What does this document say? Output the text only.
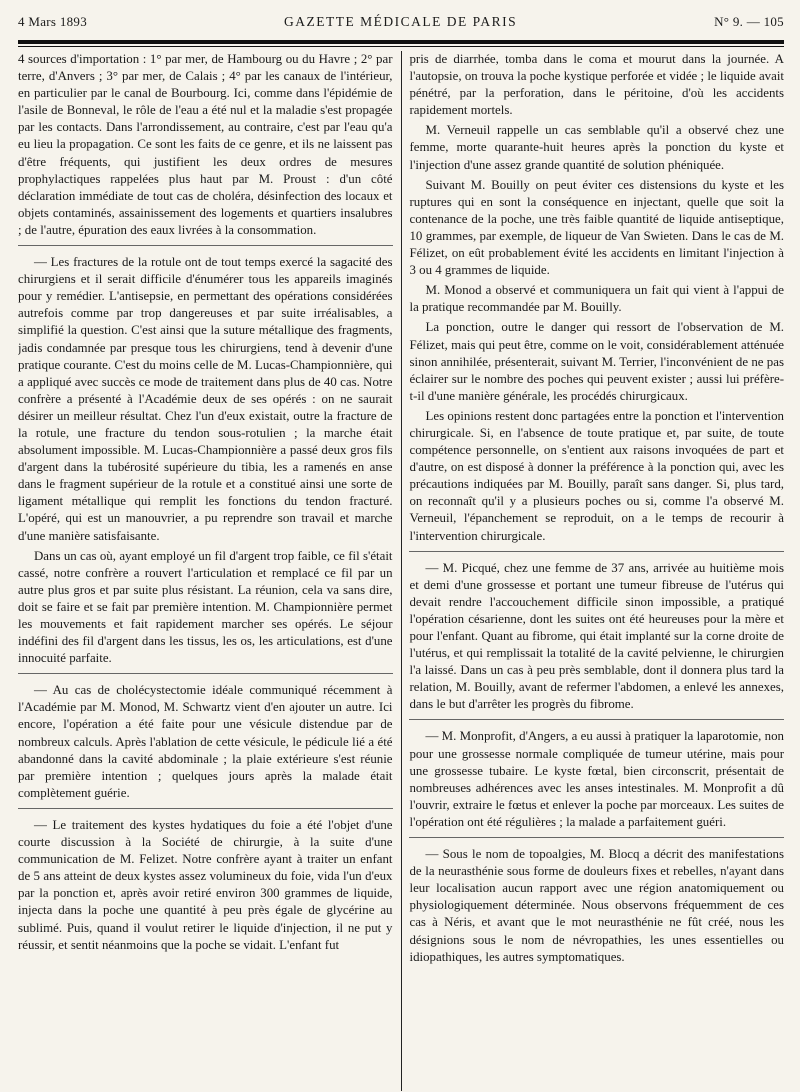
4 Mars 1893	GAZETTE MÉDICALE DE PARIS	N° 9. — 105

4 sources d'importation : 1° par mer, de Hambourg ou du Havre ; 2° par terre, d'Anvers ; 3° par mer, de Calais ; 4° par les canaux de l'intérieur, en particulier par le canal de Bourbourg. Ici, comme dans l'épidémie de l'asile de Bonneval, le rôle de l'eau a été nul et la maladie s'est propagée par les contacts. Dans l'arrondissement, au contraire, c'est par l'eau qu'a eu lieu la propagation. Ce sont les faits de ce genre, et ils ne laissent pas d'être fréquents, qui justifient les deux ordres de mesures prophylactiques rappelées plus haut par M. Proust : d'un côté déclaration immédiate de tout cas de choléra, désinfection des locaux et objets contaminés, assainissement des logements et quartiers insalubres ; de l'autre, épuration des eaux livrées à la consommation.

— Les fractures de la rotule ont de tout temps exercé la sagacité des chirurgiens et il serait difficile d'énumérer tous les appareils imaginés pour y remédier. L'antisepsie, en permettant des opérations considérées autrefois comme par trop dangereuses et par suite irréalisables, a simplifié la question. C'est ainsi que la suture métallique des fragments, jadis condamnée par presque tous les chirurgiens, tend à devenir d'une pratique courante. C'est du moins celle de M. Lucas-Championnière, qui a appliqué avec succès ce mode de traitement dans plus de 40 cas. Notre confrère a présenté à l'Académie deux de ses opérés : on ne saurait désirer un meilleur résultat. Chez l'un d'eux existait, outre la fracture de la rotule, une fracture du tendon sous-rotulien ; la marche était absolument impossible. M. Lucas-Championnière a passé deux gros fils d'argent dans la tubérosité supérieure du tibia, les a ramenés en anse dans le fragment supérieur de la rotule et a constitué ainsi une sorte de ligament métallique qui remplit les fonctions du tendon fracturé. L'opéré, qui est un manouvrier, a pu reprendre son travail et marche d'une manière satisfaisante.

Dans un cas où, ayant employé un fil d'argent trop faible, ce fil s'était cassé, notre confrère a rouvert l'articulation et remplacé ce fil par un autre plus gros et par suite plus résistant. La réunion, cela va sans dire, doit se faire et se fait par première intention. M. Championnière permet les mouvements et fait rapidement marcher ses opérés. Le séjour indéfini des fil d'argent dans les tissus, les os, les articulations, est d'une innocuité parfaite.

— Au cas de cholécystectomie idéale communiqué récemment à l'Académie par M. Monod, M. Schwartz vient d'en ajouter un autre. Ici encore, l'opération a été faite pour une vésicule distendue par de nombreux calculs. Après l'ablation de cette vésicule, le pédicule lié a été abandonné dans la cavité abdominale ; la plaie extérieure s'est réunie par première intention ; quelques jours après la malade était complètement guérie.

— Le traitement des kystes hydatiques du foie a été l'objet d'une courte discussion à la Société de chirurgie, à la suite d'une communication de M. Felizet. Notre confrère ayant à traiter un enfant de 5 ans atteint de deux kystes assez volumineux du foie, vida l'un d'eux par la ponction et, après avoir retiré environ 300 grammes de liquide, injecta dans la poche une quantité à peu près égale de glycérine au sublimé. Puis, quand il voulut retirer le liquide d'injection, il ne put y réussir, et sentit néanmoins que la poche se vidait. L'enfant fut

pris de diarrhée, tomba dans le coma et mourut dans la journée. A l'autopsie, on trouva la poche kystique perforée et vidée ; le liquide avait pénétré, par la perforation, dans le péritoine, d'où les accidents rapidement mortels.

M. Verneuil rappelle un cas semblable qu'il a observé chez une femme, morte quarante-huit heures après la ponction du kyste et l'injection d'une assez grande quantité de solution phéniquée.

Suivant M. Bouilly on peut éviter ces distensions du kyste et les ruptures qui en sont la conséquence en injectant, quelle que soit la contenance de la poche, une très faible quantité de liquide antiseptique, 10 grammes, par exemple, de liqueur de Van Swieten. Dans le cas de M. Félizet, on eût probablement évité les accidents en limitant l'injection à 3 ou 4 grammes de liquide.

M. Monod a observé et communiquera un fait qui vient à l'appui de la pratique recommandée par M. Bouilly.

La ponction, outre le danger qui ressort de l'observation de M. Félizet, mais qui peut être, comme on le voit, considérablement atténuée sinon annihilée, présenterait, suivant M. Terrier, l'inconvénient de ne pas éclairer sur le nombre des poches qui peuvent exister ; aussi lui préfère-t-il d'une manière générale, les procédés chirurgicaux.

Les opinions restent donc partagées entre la ponction et l'intervention chirurgicale. Si, en l'absence de toute pratique et, par suite, de toute compétence personnelle, on s'entient aux raisons invoquées de part et d'autre, on est disposé à donner la préférence à la ponction qui, avec les précautions indiquées par M. Bouilly, paraît sans danger. Si, plus tard, on reconnaît qu'il y a plusieurs poches ou si, comme l'a observé M. Verneuil, l'épanchement se reproduit, on a le temps de recourir à l'intervention chirurgicale.

— M. Picqué, chez une femme de 37 ans, arrivée au huitième mois et demi d'une grossesse et portant une tumeur fibreuse de l'utérus qui devait rendre l'accouchement difficile sinon impossible, a pratiqué l'opération césarienne, dont les suites ont été heureuses pour la mère et pour l'enfant. Quant au fibrome, qui était implanté sur la corne droite de l'utérus, et qui remplissait la totalité de la cavité pelvienne, le chirurgien l'a laissé. Dans un cas à peu près semblable, dont il donnera plus tard la relation, M. Bouilly, avant de refermer l'abdomen, a enlevé les annexes, dans le but d'arrêter les progrès du fibrome.

— M. Monprofit, d'Angers, a eu aussi à pratiquer la laparotomie, non pour une grossesse normale compliquée de tumeur utérine, mais pour une grossesse tubaire. Le kyste fœtal, bien circonscrit, présentait de nombreuses adhérences avec les anses intestinales. M. Monprofit a dû l'ouvrir, extraire le fœtus et enlever la poche par morceaux. Les suites de l'opération ont été régulières ; la malade a parfaitement guéri.

— Sous le nom de topoalgies, M. Blocq a décrit des manifestations de la neurasthénie sous forme de douleurs fixes et rebelles, n'ayant dans leur localisation aucun rapport avec une région anatomiquement ou physiologiquement déterminée. Nous observons fréquemment de ces cas à Néris, et avant que le mot neurasthénie ne fût créé, nous les désignions sous le nom de névropathies, les unes essentielles ou idiopathiques, les autres symptomatiques.
